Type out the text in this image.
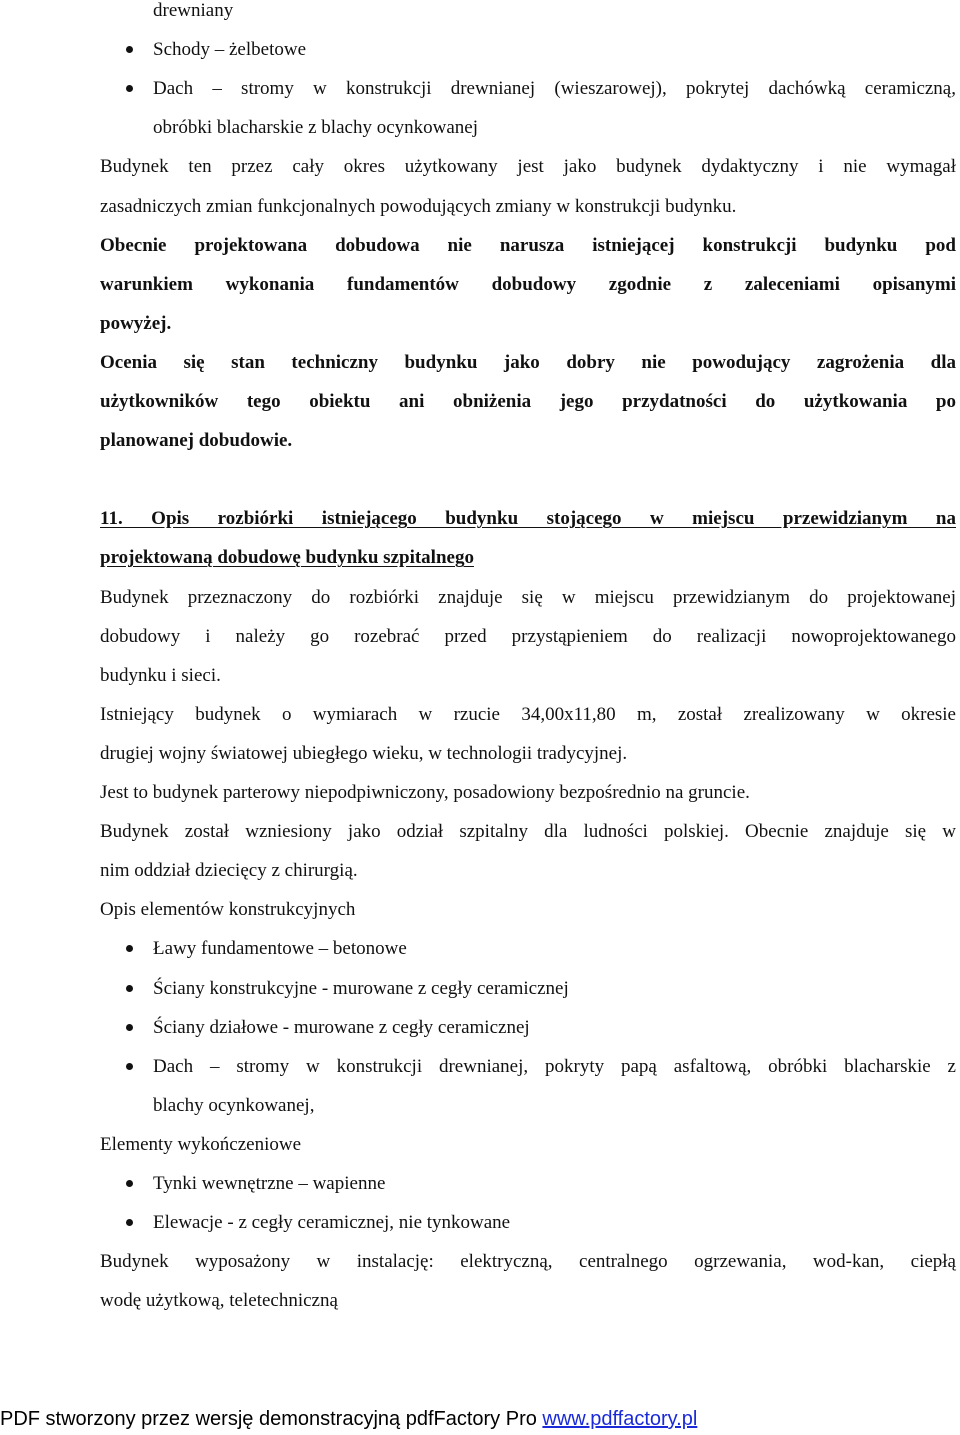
drewniany
Schody – żelbetowe
Dach – stromy w konstrukcji drewnianej (wieszarowej), pokrytej dachówką ceramiczną,
obróbki blacharskie z blachy ocynkowanej
Budynek ten przez cały okres użytkowany jest jako budynek dydaktyczny i nie wymagał
zasadniczych zmian funkcjonalnych powodujących zmiany w konstrukcji budynku.
Obecnie projektowana dobudowa nie narusza istniejącej konstrukcji budynku pod
warunkiem wykonania fundamentów dobudowy zgodnie z zaleceniami opisanymi
powyżej.
Ocenia się stan techniczny budynku jako dobry nie powodujący zagrożenia dla
użytkowników tego obiektu ani obniżenia jego przydatności do użytkowania po
planowanej dobudowie.
11. Opis rozbiórki istniejącego budynku stojącego w miejscu przewidzianym na
projektowaną dobudowę budynku szpitalnego
Budynek przeznaczony do rozbiórki znajduje się w miejscu przewidzianym do projektowanej
dobudowy i należy go rozebrać przed przystąpieniem do realizacji nowoprojektowanego
budynku i sieci.
Istniejący budynek o wymiarach w rzucie 34,00x11,80 m, został zrealizowany w okresie
drugiej wojny światowej ubiegłego wieku, w technologii tradycyjnej.
Jest to budynek parterowy niepodpiwniczony, posadowiony bezpośrednio na gruncie.
Budynek został wzniesiony jako odział szpitalny dla ludności polskiej. Obecnie znajduje się w
nim oddział dziecięcy z chirurgią.
Opis elementów konstrukcyjnych
Ławy fundamentowe – betonowe
Ściany konstrukcyjne - murowane z cegły ceramicznej
Ściany działowe - murowane z cegły ceramicznej
Dach – stromy w konstrukcji drewnianej, pokryty papą asfaltową, obróbki blacharskie z
blachy ocynkowanej,
Elementy wykończeniowe
Tynki wewnętrzne – wapienne
Elewacje - z cegły ceramicznej, nie tynkowane
Budynek wyposażony w instalację: elektryczną, centralnego ogrzewania, wod-kan, ciepłą
wodę użytkową, teletechniczną
PDF stworzony przez wersję demonstracyjną pdfFactory Pro www.pdffactory.pl
